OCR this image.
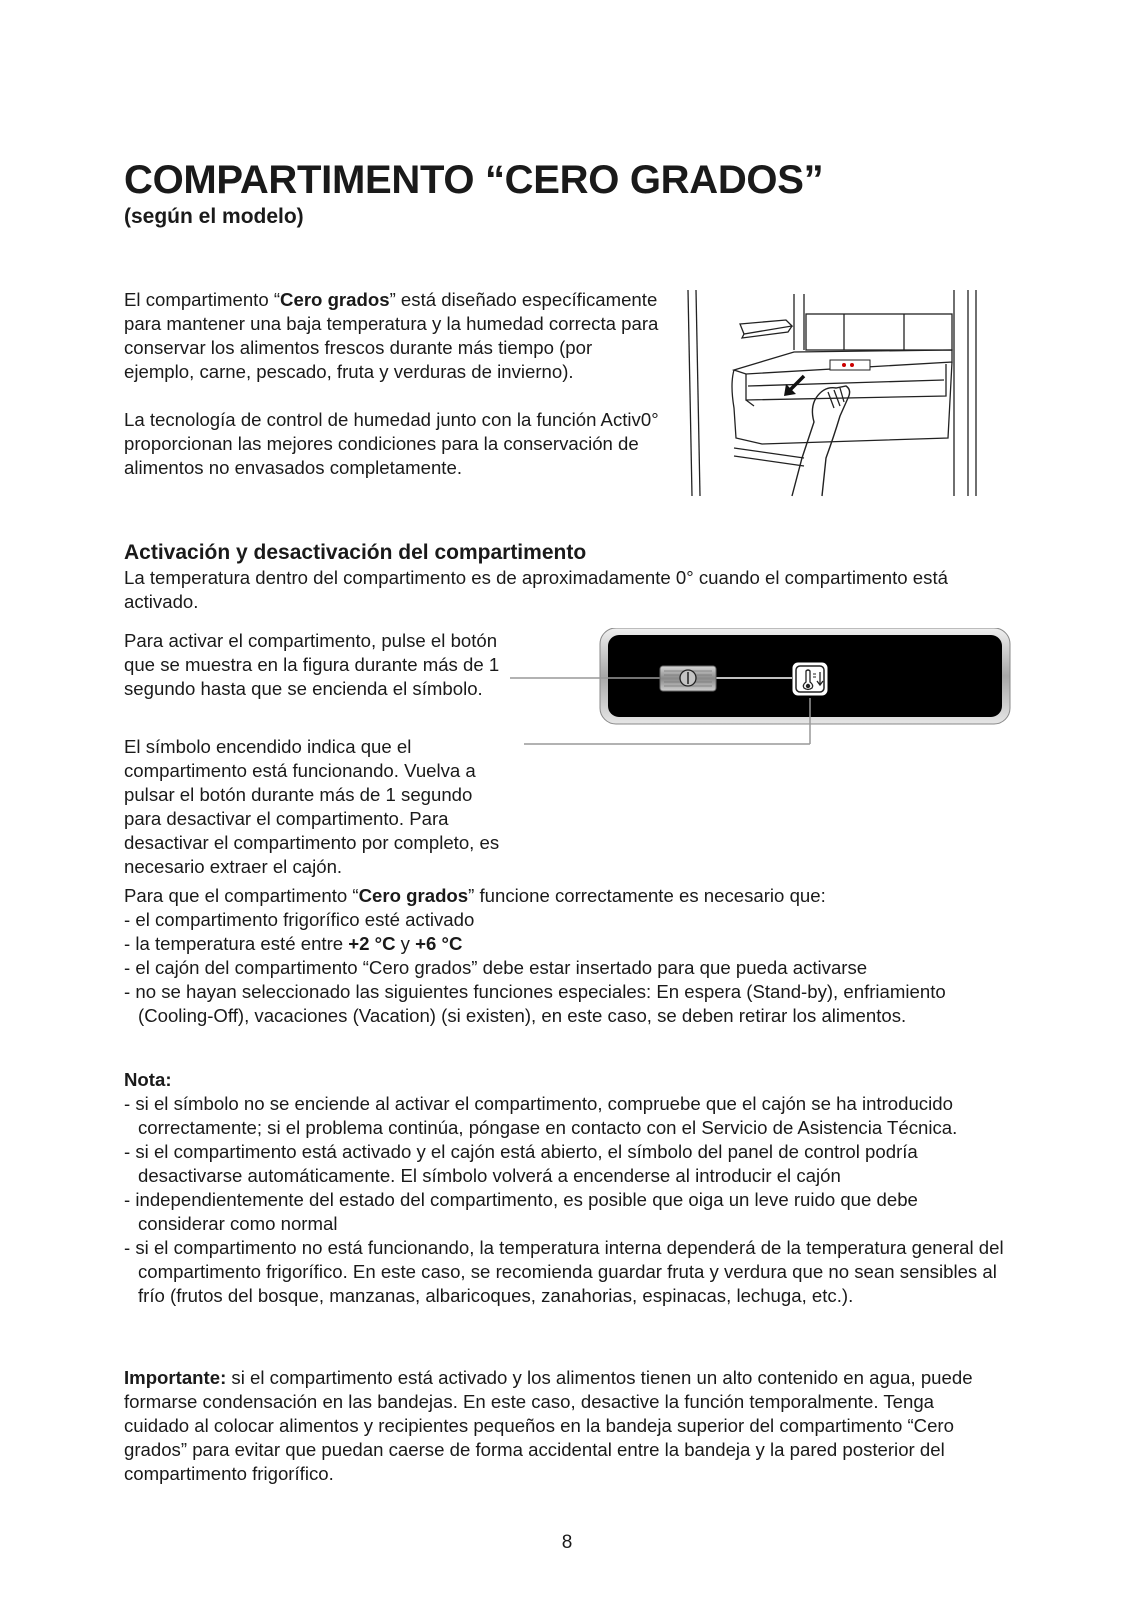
COMPARTIMENTO “CERO GRADOS”
(según el modelo)

El compartimento “Cero grados” está diseñado específicamente para mantener una baja temperatura y la humedad correcta para conservar los alimentos frescos durante más tiempo (por ejemplo, carne, pescado, fruta y verduras de invierno).

La tecnología de control de humedad junto con la función Activ0° proporcionan las mejores condiciones para la conservación de alimentos no envasados completamente.

Activación y desactivación del compartimento

La temperatura dentro del compartimento es de aproximadamente 0° cuando el compartimento está activado.

Para activar el compartimento, pulse el botón que se muestra en la figura durante más de 1 segundo hasta que se encienda el símbolo.

El símbolo encendido indica que el compartimento está funcionando. Vuelva a pulsar el botón durante más de 1 segundo para desactivar el compartimento. Para desactivar el compartimento por completo, es necesario extraer el cajón.

Para que el compartimento “Cero grados” funcione correctamente es necesario que:

- el compartimento frigorífico esté activado
- la temperatura esté entre +2 °C y +6 °C
- el cajón del compartimento “Cero grados” debe estar insertado para que pueda activarse
- no se hayan seleccionado las siguientes funciones especiales: En espera (Stand-by), enfriamiento (Cooling-Off), vacaciones (Vacation) (si existen), en este caso, se deben retirar los alimentos.

Nota:

- si el símbolo no se enciende al activar el compartimento, compruebe que el cajón se ha introducido correctamente; si el problema continúa, póngase en contacto con el Servicio de Asistencia Técnica.
- si el compartimento está activado y el cajón está abierto, el símbolo del panel de control podría desactivarse automáticamente. El símbolo volverá a encenderse al introducir el cajón
- independientemente del estado del compartimento, es posible que oiga un leve ruido que debe considerar como normal
- si el compartimento no está funcionando, la temperatura interna dependerá de la temperatura general del compartimento frigorífico. En este caso, se recomienda guardar fruta y verdura que no sean sensibles al frío (frutos del bosque, manzanas, albaricoques, zanahorias, espinacas, lechuga, etc.).

Importante: si el compartimento está activado y los alimentos tienen un alto contenido en agua, puede formarse condensación en las bandejas. En este caso, desactive la función temporalmente. Tenga cuidado al colocar alimentos y recipientes pequeños en la bandeja superior del compartimento “Cero grados” para evitar que puedan caerse de forma accidental entre la bandeja y la pared posterior del compartimento frigorífico.

8
